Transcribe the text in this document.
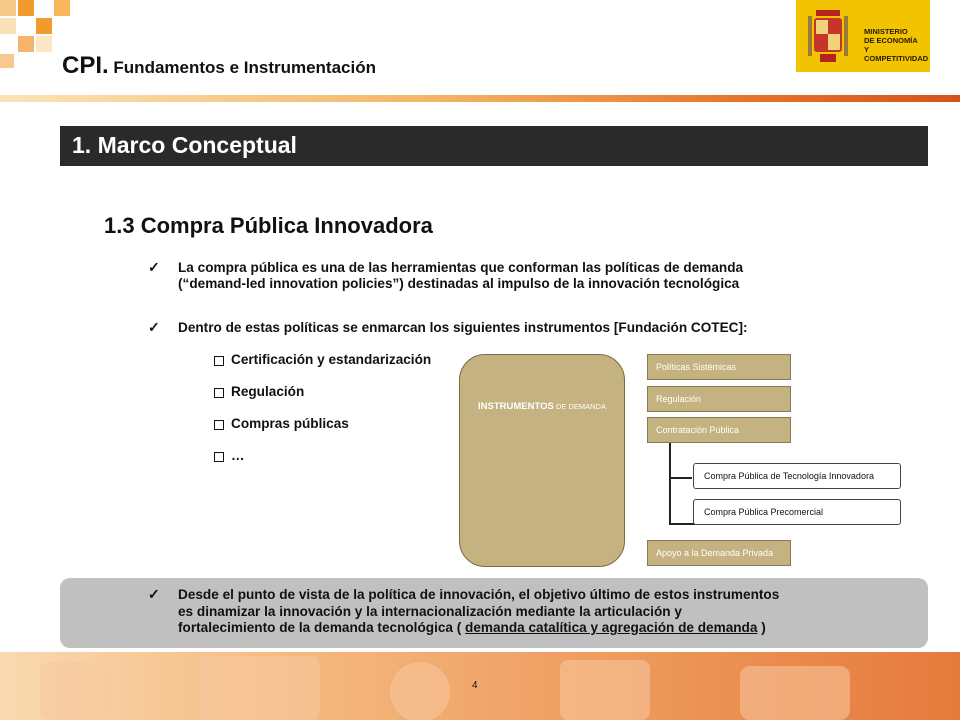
CPI. Fundamentos e Instrumentación
MINISTERIO
DE ECONOMÍA
Y COMPETITIVIDAD
1. Marco Conceptual
1.3 Compra Pública Innovadora
✓ La compra pública es una de las herramientas que conforman las políticas de demanda
(“demand-led innovation policies”) destinadas al impulso de la innovación tecnológica
✓ Dentro de estas políticas se enmarcan los siguientes instrumentos [Fundación COTEC]:
Certificación y estandarización
Regulación
Compras públicas
…
INSTRUMENTOS DE DEMANDA
Políticas Sistémicas
Regulación
Contratación Pública
Compra Pública de Tecnología Innovadora
Compra Pública Precomercial
Apoyo a la Demanda Privada
✓ Desde el punto de vista de la política de innovación, el objetivo último de estos instrumentos
es dinamizar la innovación y la internacionalización mediante la articulación y
fortalecimiento de la demanda tecnológica ( demanda catalítica y agregación de demanda )
4
